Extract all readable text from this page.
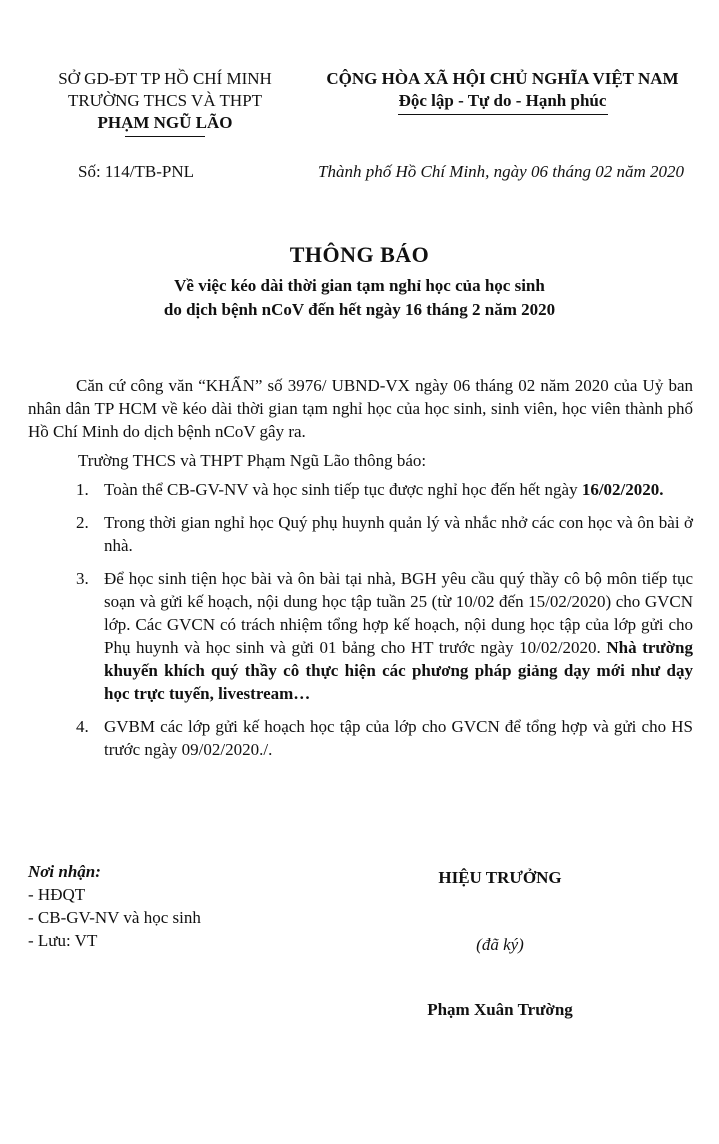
SỞ GD-ĐT TP HỒ CHÍ MINH
TRƯỜNG THCS VÀ THPT
PHẠM NGŨ LÃO
CỘNG HÒA XÃ HỘI CHỦ NGHĨA VIỆT NAM
Độc lập - Tự do - Hạnh phúc
Số: 114/TB-PNL	Thành phố Hồ Chí Minh, ngày 06 tháng 02 năm 2020
THÔNG BÁO
Về việc kéo dài thời gian tạm nghỉ học của học sinh
do dịch bệnh nCoV đến hết ngày 16 tháng 2 năm 2020

Căn cứ công văn “KHẨN” số 3976/ UBND-VX ngày 06 tháng 02 năm 2020 của Uỷ ban nhân dân TP HCM về kéo dài thời gian tạm nghỉ học của học sinh, sinh viên, học viên thành phố Hồ Chí Minh do dịch bệnh nCoV gây ra.

Trường THCS và THPT Phạm Ngũ Lão thông báo:

1. Toàn thể CB-GV-NV và học sinh tiếp tục được nghỉ học đến hết ngày 16/02/2020.
2. Trong thời gian nghỉ học Quý phụ huynh quản lý và nhắc nhở các con học và ôn bài ở nhà.
3. Để học sinh tiện học bài và ôn bài tại nhà, BGH yêu cầu quý thầy cô bộ môn tiếp tục soạn và gửi kế hoạch, nội dung học tập tuần 25 (từ 10/02 đến 15/02/2020) cho GVCN lớp. Các GVCN có trách nhiệm tổng hợp kế hoạch, nội dung học tập của lớp gửi cho Phụ huynh và học sinh và gửi 01 bảng cho HT trước ngày 10/02/2020. Nhà trường khuyến khích quý thầy cô thực hiện các phương pháp giảng dạy mới như dạy học trực tuyến, livestream…
4. GVBM các lớp gửi kế hoạch học tập của lớp cho GVCN để tổng hợp và gửi cho HS trước ngày 09/02/2020./.
Nơi nhận:
- HĐQT
- CB-GV-NV và học sinh
- Lưu: VT
HIỆU TRƯỞNG
(đã ký)
Phạm Xuân Trường
